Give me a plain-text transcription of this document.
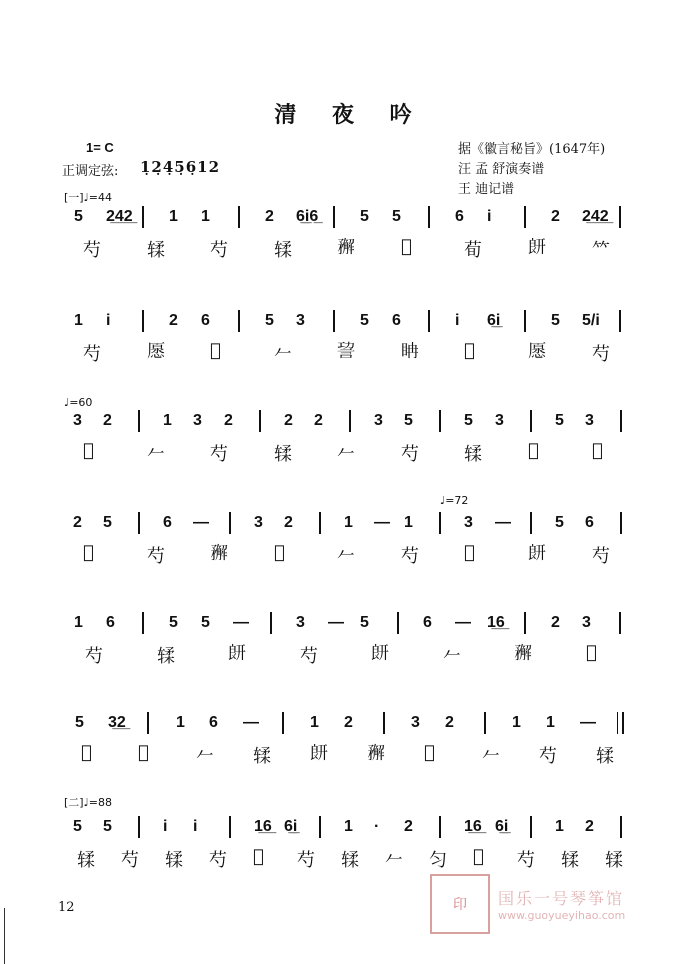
清 夜 吟
1= C
正调定弦: 1̣2̣4̣5̣6̣12
据《徽言秘旨》(1647年)
汪 孟 舒演奏谱
王 迪记谱
[一]♩=44
♩=60
♩=72
[二]♩=88
5 2̲4̲2̲ 1 1	2 6̲i̲6̲	5 5	6 i	2 2̲4̲2̲
芍	𫐓	芍	𫐓	𥎎	𬁶	荀	𦫍	𥫗
1 i	2 6	5 3	5 6	i 6̲i̲	5 5/i
芍	𠪰	𨑈	𠂉	𧦪	𥅆	𨑈	𠪰	芍
3 2	1 3 2	2 2	3 5	5 3	5 3
𨑈	𠂉	芍	𫐓	𠂉	芍	𫐓	𨑈	𨑈
2 5	6 —	3 2	1 — 1	3 —	5 6
𨑈	芍	𥎎	𨑈	𠂉	芍	𨑈	𦫍	芍
1 6	5 5 —	3 — 5	6 — 1̲6̲	2 3
芍	𫐓	𦫍	芍	𦫍	𠂉	𥎎	𨑈
5 3̲2̲	1 6 —	1 2	3 2	1 1 —
𨑈	𨑈	𠂉 𫐓 𦫍 𥎎 𨑈	𠂉 芍 𫐓
5 5	i i	1̲6̲ 6̲i̲	1 · 2	1̲6̲ 6̲i̲	1 2
𫐓 芍 𫐓 芍 𨑈 芍 𫐓 𠂉 匀 𨑈 芍 𫐓 𫐓
12	印	国乐一号琴筝馆
www.guoyueyihao.com
